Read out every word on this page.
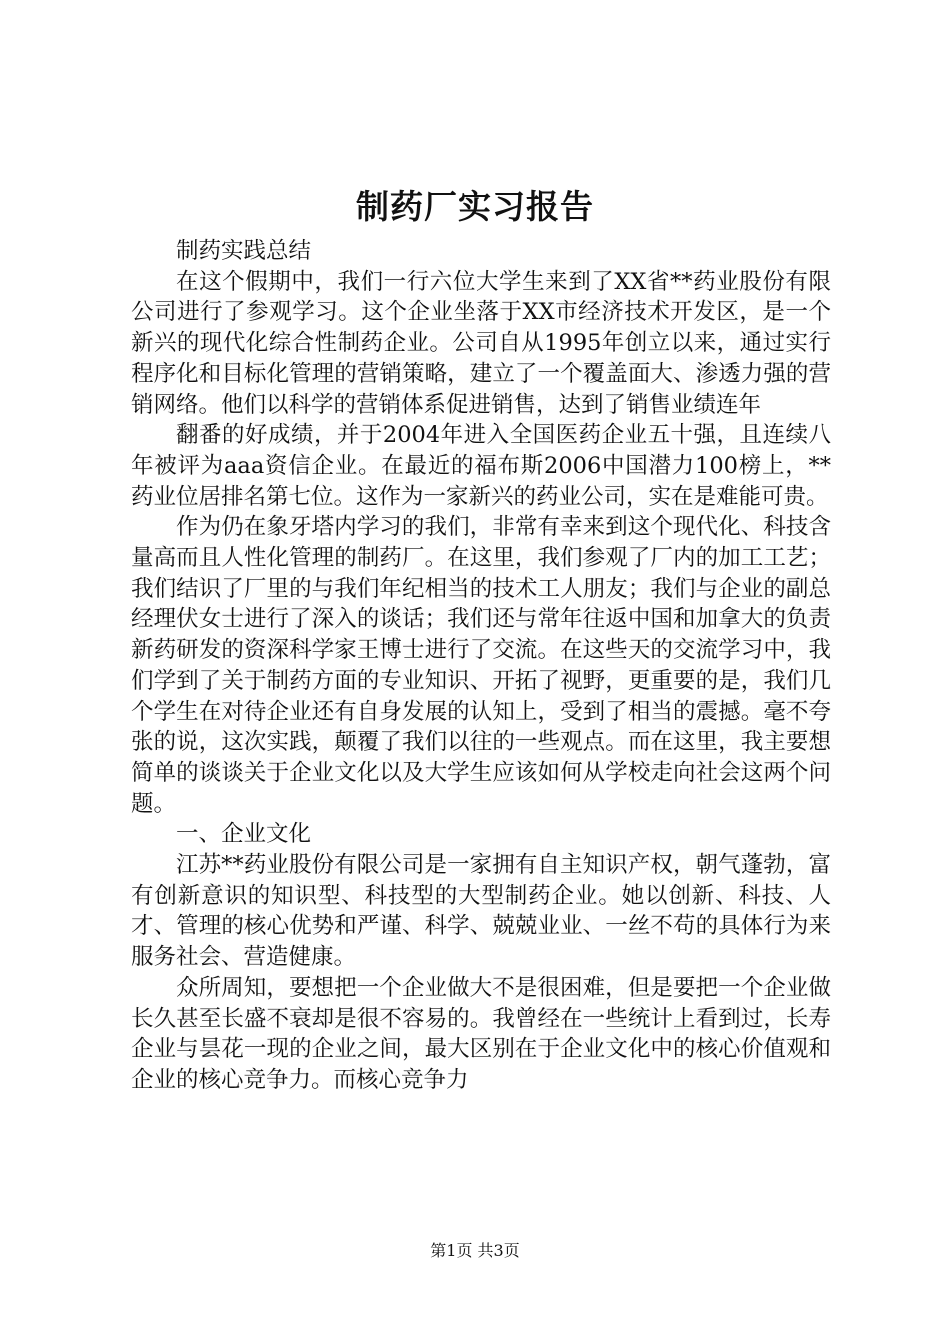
制药厂实习报告

制药实践总结

在这个假期中，我们一行六位大学生来到了XX省**药业股份有限公司进行了参观学习。这个企业坐落于XX市经济技术开发区，是一个新兴的现代化综合性制药企业。公司自从1995年创立以来，通过实行程序化和目标化管理的营销策略，建立了一个覆盖面大、渗透力强的营销网络。他们以科学的营销体系促进销售，达到了销售业绩连年

翻番的好成绩，并于2004年进入全国医药企业五十强，且连续八年被评为aaa资信企业。在最近的福布斯2006中国潜力100榜上，**药业位居排名第七位。这作为一家新兴的药业公司，实在是难能可贵。

作为仍在象牙塔内学习的我们，非常有幸来到这个现代化、科技含量高而且人性化管理的制药厂。在这里，我们参观了厂内的加工工艺；我们结识了厂里的与我们年纪相当的技术工人朋友；我们与企业的副总经理伏女士进行了深入的谈话；我们还与常年往返中国和加拿大的负责新药研发的资深科学家王博士进行了交流。在这些天的交流学习中，我们学到了关于制药方面的专业知识、开拓了视野，更重要的是，我们几个学生在对待企业还有自身发展的认知上，受到了相当的震撼。毫不夸张的说，这次实践，颠覆了我们以往的一些观点。而在这里，我主要想简单的谈谈关于企业文化以及大学生应该如何从学校走向社会这两个问题。

一、企业文化

江苏**药业股份有限公司是一家拥有自主知识产权，朝气蓬勃，富有创新意识的知识型、科技型的大型制药企业。她以创新、科技、人才、管理的核心优势和严谨、科学、兢兢业业、一丝不苟的具体行为来服务社会、营造健康。

众所周知，要想把一个企业做大不是很困难，但是要把一个企业做长久甚至长盛不衰却是很不容易的。我曾经在一些统计上看到过，长寿企业与昙花一现的企业之间，最大区别在于企业文化中的核心价值观和企业的核心竞争力。而核心竞争力

第1页 共3页
